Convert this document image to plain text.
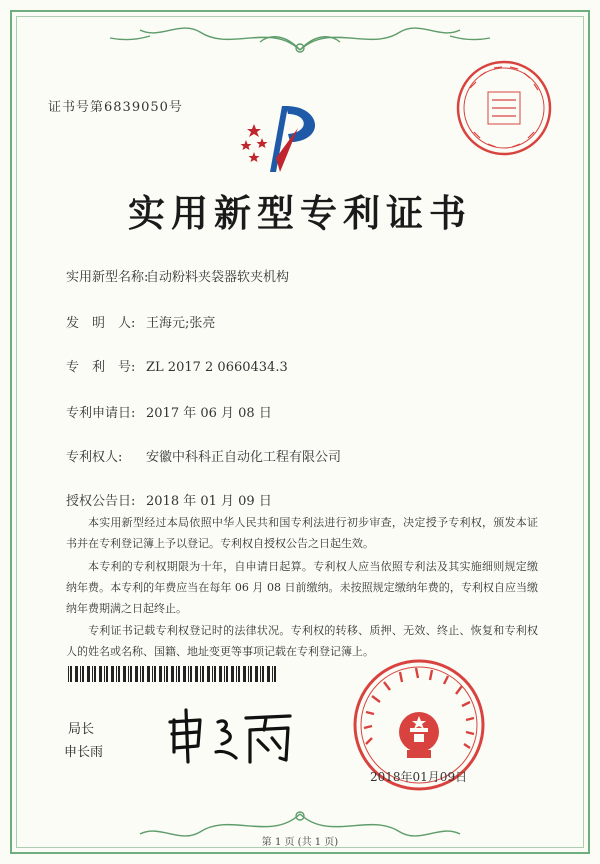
证书号第6839050号
实用新型专利证书
实用新型名称:自动粉料夹袋器软夹机构
发　明　人: 王海元;张亮
专　利　号: ZL 2017 2 0660434.3
专利申请日: 2017 年 06 月 08 日
专利权人: 安徽中科科正自动化工程有限公司
授权公告日: 2018 年 01 月 09 日
本实用新型经过本局依照中华人民共和国专利法进行初步审查，决定授予专利权，颁发本证书并在专利登记簿上予以登记。专利权自授权公告之日起生效。
本专利的专利权期限为十年，自申请日起算。专利权人应当依照专利法及其实施细则规定缴纳年费。本专利的年费应当在每年 06 月 08 日前缴纳。未按照规定缴纳年费的，专利权自应当缴纳年费期满之日起终止。
专利证书记载专利权登记时的法律状况。专利权的转移、质押、无效、终止、恢复和专利权人的姓名或名称、国籍、地址变更等事项记载在专利登记簿上。
局长
申长雨
2018年01月09日
第 1 页 (共 1 页)
